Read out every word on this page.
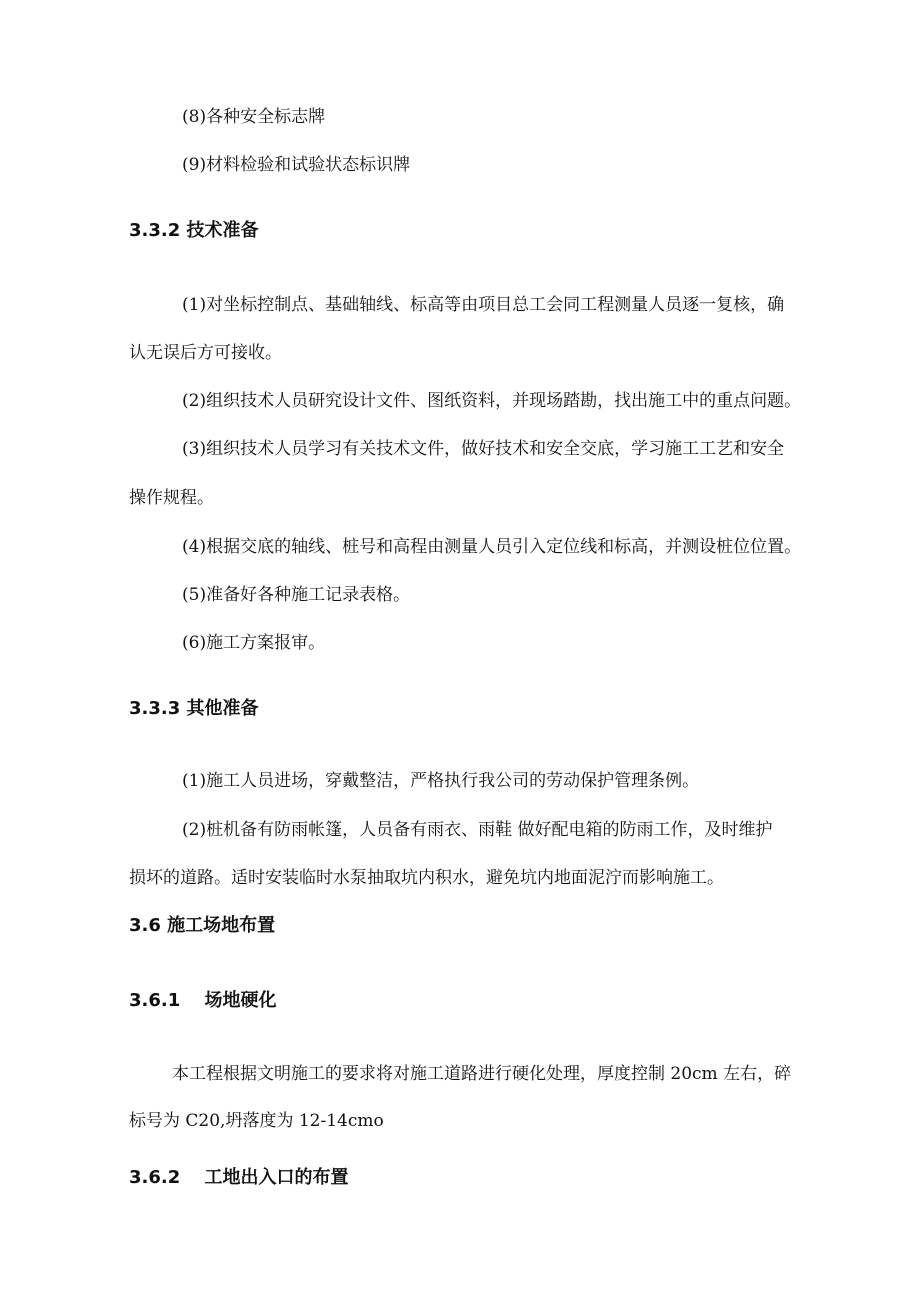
(8)各种安全标志牌
(9)材料检验和试验状态标识牌
3.3.2 技术准备
(1)对坐标控制点、基础轴线、标高等由项目总工会同工程测量人员逐一复核，确
认无误后方可接收。
(2)组织技术人员研究设计文件、图纸资料，并现场踏勘，找出施工中的重点问题。
(3)组织技术人员学习有关技术文件，做好技术和安全交底，学习施工工艺和安全
操作规程。
(4)根据交底的轴线、桩号和高程由测量人员引入定位线和标高，并测设桩位位置。
(5)准备好各种施工记录表格。
(6)施工方案报审。
3.3.3 其他准备
(1)施工人员进场，穿戴整洁，严格执行我公司的劳动保护管理条例。
(2)桩机备有防雨帐篷，人员备有雨衣、雨鞋 做好配电箱的防雨工作，及时维护
损坏的道路。适时安装临时水泵抽取坑内积水，避免坑内地面泥泞而影响施工。
3.6 施工场地布置
3.6.1　 场地硬化
本工程根据文明施工的要求将对施工道路进行硬化处理，厚度控制 20cm 左右，碎
标号为 C20,坍落度为 12-14cmo
3.6.2　 工地出入口的布置
